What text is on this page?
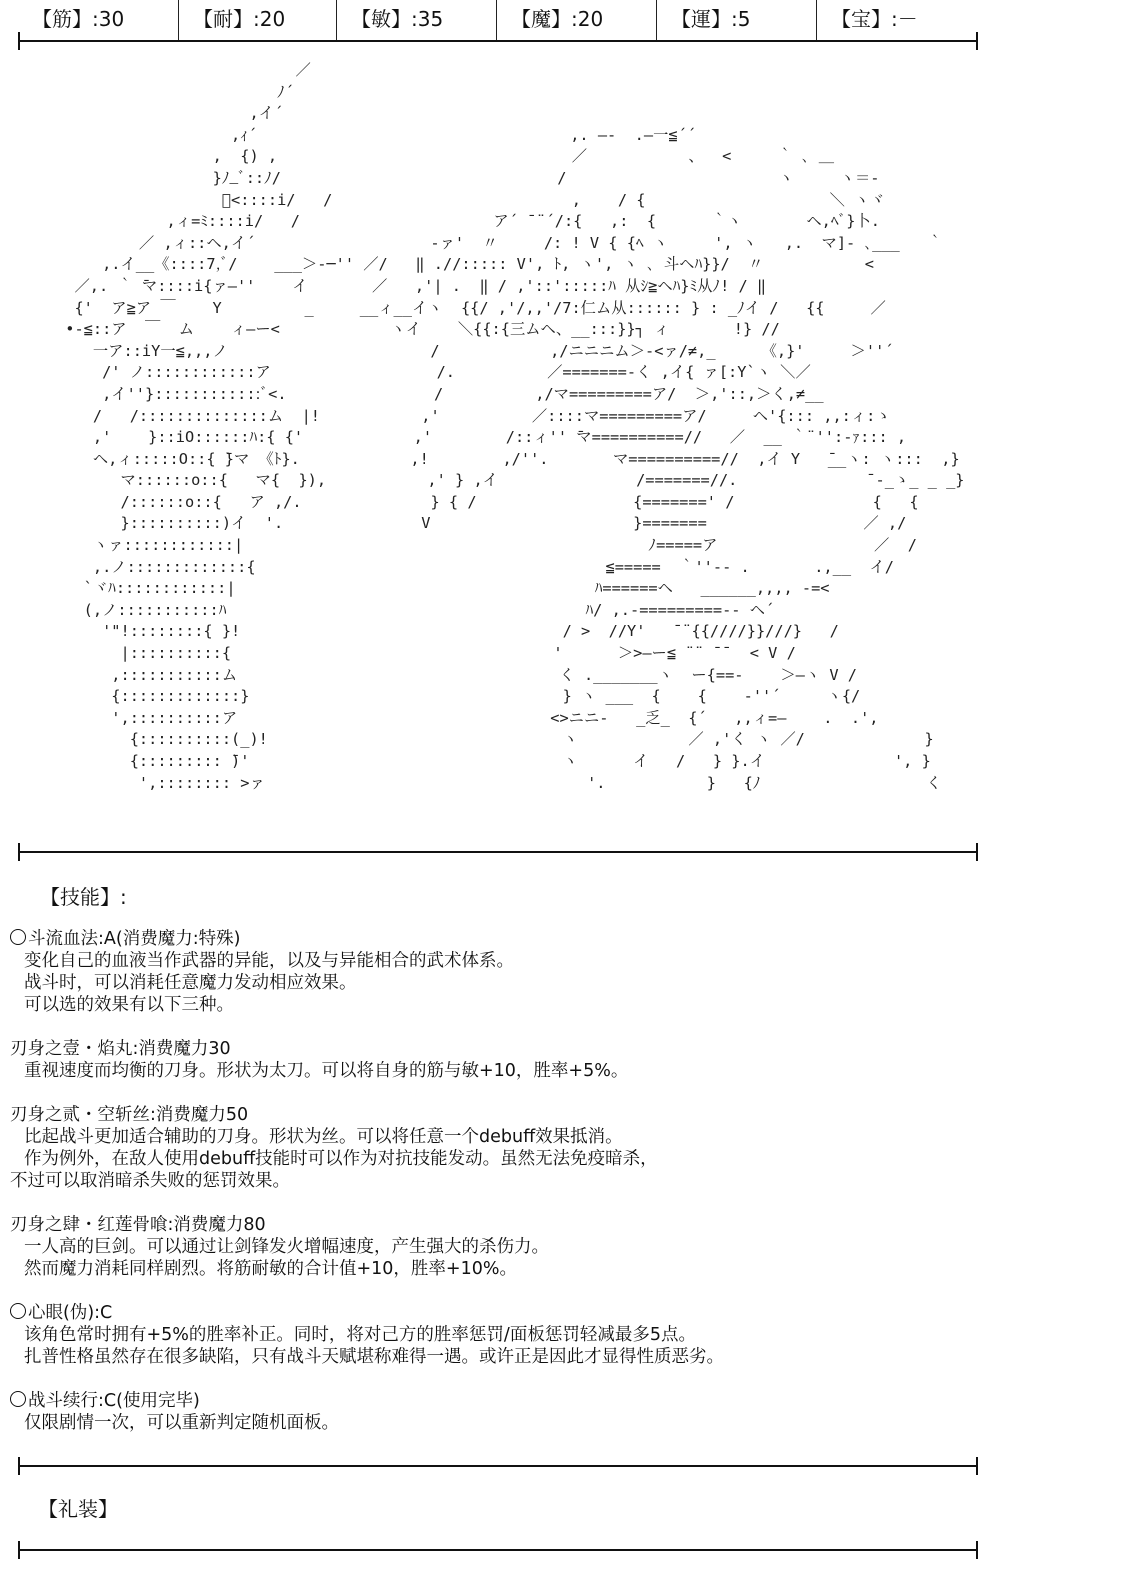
【筋】:30	【耐】:20	【敏】:35	【魔】:20	【運】:5	【宝】:－
／
ﾉ´
,イ´
,ｨ´                                  ,. ―-  .―一≦´´
,  {) ,                                ／           、  <     ｀ ､ ＿
}ﾉ_ﾞ::ﾉ/                              /                       ヽ     ヽ＝-
ﾞ<::::i/   /                          ,    / {                    ＼ ヽヾ
,ィ=ﾐ::::i/   /                     ア´ ̄ ¨´/:{   ,:  {      ｀ヽ       ヘ,ﾍﾞ}卜.
／ ,ィ::ヘ,イ´                   -ァ'  〃     /: ! V { {ﾍ ヽ     ', ヽ   ,.  マ]- ､___   ｀
,.イ__《::::7,ﾞ/    ___＞-─'' ／/   ‖ .//::::: V', ﾄ, ヽ', ヽ ､ 斗ヘﾊ}}/  〃           <
／,. ｀ ̄マ::::i{ァ―''    イ       ／   ,'| .  ‖ / ,'::':::::ﾊ 从ｼ≧ヘﾊ}ﾐ从ﾉ! / ‖
{'  ア≧ア ￣    Y         _     __ィ__イヽ  {{/ ,'/,,'/7:仁ム从:::::: } : _ﾉイ /   {{     ／
•-≦::ア  ￣  ム    ィ―ー<            ヽイ    ＼{{:{三ムヘ、__:::}}┐ ィ       !} //
一ア::iY一≦,,,ノ                      /            ,/ニニニム＞-<ァ/≠,_     《,}'     ＞''´
/' ノ::::::::::::ア                  /.          ／=======-く ,イ{ ァ[:Y`ヽ ＼／
,イ''}::::::::::::ﾞ<.                /          ,/マ=========ア/  ＞,'::,＞く,≠__
/   /::::::::::::::ム  |!           ,'          ／::::マ=========ア/     ヘ'{::: ,,:ィ:ゝ
,'    }::iO::::::ﾊ:{ {'            ,'        /::ィ'' ̄マ==========//   ／  __ ｀¨'':-ｧ::: ,
ヘ,ィ:::::O::{ ̄}マ 《ﾄ}.            ,!        ,/''.       マ==========//  ,イ Y   ̄__ヽ: ヽ:::  ,}
マ::::::o::{   マ{  }),           ,' } ,イ               /=======//.              ̄ -_ゝ_ _ _}
/::::::o::{   ア ,/.              } { /                 {=======' /               {   {
}::::::::::)イ  '.               V                      }=======                 ／ ,/
ヽァ::::::::::::|                                            ﾉ=====ア                 ／  /
,.ノ:::::::::::::{                                      ≦=====  ｀''-- .       .,__  イ/
`ヾﾊ::::::::::::|                                       ﾊ======ヘ   ______,,,, -=<
(,ノ:::::::::::ﾊ                                       ﾊ/ ,.-=========-‐ ヘ´
'"!::::::::{ }!                                   / >  //Y'   ̄ ¨{{////}}///}   /
|::::::::::{                                   '      ＞>―ー≦ ¨¨ ̄ ̄   < V /
,:::::::::::ム                                   く ._______ヽ  ー{==-    ＞―ヽ V /
{:::::::::::::}                                  } ヽ ___  {    {    -''´     ヽ{/
',::::::::::ア                                  <>ニニ-   _乏_  {´   ,,ィ=―    .  .',
{::::::::::(_)!                                ヽ            ／ ,'く ヽ ／/             }
{::::::::: ̄)'                                  ヽ      イ   /   } }.イ              ', }
',:::::::: >ァ                                   '.           }   {ﾉ                  く
【技能】:

斗流血法:A(消费魔力:特殊)

变化自己的血液当作武器的异能，以及与异能相合的武术体系。

战斗时，可以消耗任意魔力发动相应效果。

可以选的效果有以下三种。

刃身之壹・焰丸:消费魔力30

重视速度而均衡的刀身。形状为太刀。可以将自身的筋与敏+10，胜率+5%。

刃身之贰・空斩丝:消费魔力50

比起战斗更加适合辅助的刀身。形状为丝。可以将任意一个debuff效果抵消。

作为例外，在敌人使用debuff技能时可以作为对抗技能发动。虽然无法免疫暗杀，

不过可以取消暗杀失败的惩罚效果。

刃身之肆・红莲骨喰:消费魔力80

一人高的巨剑。可以通过让剑锋发火增幅速度，产生强大的杀伤力。

然而魔力消耗同样剧烈。将筋耐敏的合计值+10，胜率+10%。

心眼(伪):C

该角色常时拥有+5%的胜率补正。同时，将对己方的胜率惩罚/面板惩罚轻减最多5点。

扎普性格虽然存在很多缺陷，只有战斗天赋堪称难得一遇。或许正是因此才显得性质恶劣。

战斗续行:C(使用完毕)

仅限剧情一次，可以重新判定随机面板。

【礼装】
